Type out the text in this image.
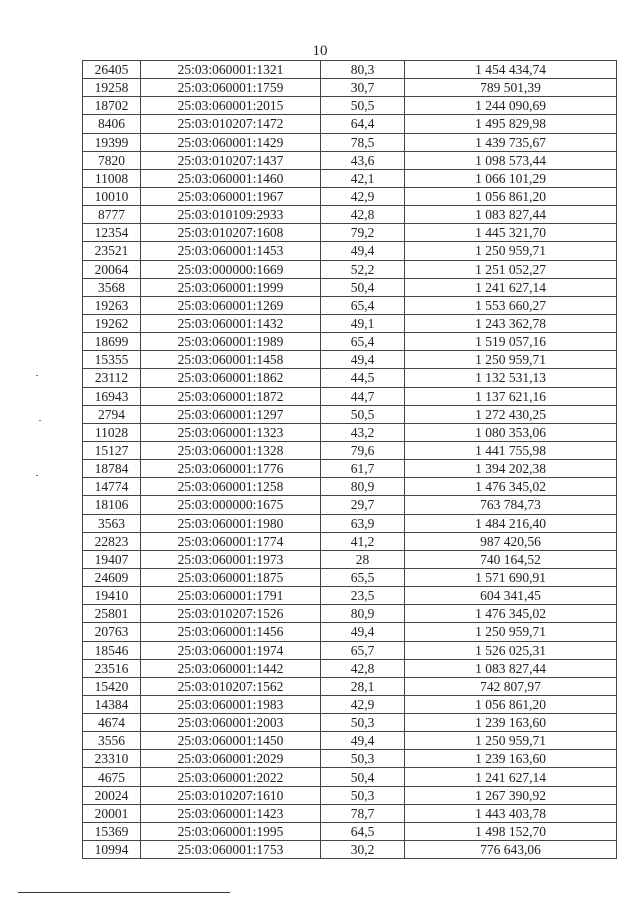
10
26405	25:03:060001:1321	80,3	1 454 434,74
19258	25:03:060001:1759	30,7	789 501,39
18702	25:03:060001:2015	50,5	1 244 090,69
8406	25:03:010207:1472	64,4	1 495 829,98
19399	25:03:060001:1429	78,5	1 439 735,67
7820	25:03:010207:1437	43,6	1 098 573,44
11008	25:03:060001:1460	42,1	1 066 101,29
10010	25:03:060001:1967	42,9	1 056 861,20
8777	25:03:010109:2933	42,8	1 083 827,44
12354	25:03:010207:1608	79,2	1 445 321,70
23521	25:03:060001:1453	49,4	1 250 959,71
20064	25:03:000000:1669	52,2	1 251 052,27
3568	25:03:060001:1999	50,4	1 241 627,14
19263	25:03:060001:1269	65,4	1 553 660,27
19262	25:03:060001:1432	49,1	1 243 362,78
18699	25:03:060001:1989	65,4	1 519 057,16
15355	25:03:060001:1458	49,4	1 250 959,71
23112	25:03:060001:1862	44,5	1 132 531,13
16943	25:03:060001:1872	44,7	1 137 621,16
2794	25:03:060001:1297	50,5	1 272 430,25
11028	25:03:060001:1323	43,2	1 080 353,06
15127	25:03:060001:1328	79,6	1 441 755,98
18784	25:03:060001:1776	61,7	1 394 202,38
14774	25:03:060001:1258	80,9	1 476 345,02
18106	25:03:000000:1675	29,7	763 784,73
3563	25:03:060001:1980	63,9	1 484 216,40
22823	25:03:060001:1774	41,2	987 420,56
19407	25:03:060001:1973	28	740 164,52
24609	25:03:060001:1875	65,5	1 571 690,91
19410	25:03:060001:1791	23,5	604 341,45
25801	25:03:010207:1526	80,9	1 476 345,02
20763	25:03:060001:1456	49,4	1 250 959,71
18546	25:03:060001:1974	65,7	1 526 025,31
23516	25:03:060001:1442	42,8	1 083 827,44
15420	25:03:010207:1562	28,1	742 807,97
14384	25:03:060001:1983	42,9	1 056 861,20
4674	25:03:060001:2003	50,3	1 239 163,60
3556	25:03:060001:1450	49,4	1 250 959,71
23310	25:03:060001:2029	50,3	1 239 163,60
4675	25:03:060001:2022	50,4	1 241 627,14
20024	25:03:010207:1610	50,3	1 267 390,92
20001	25:03:060001:1423	78,7	1 443 403,78
15369	25:03:060001:1995	64,5	1 498 152,70
10994	25:03:060001:1753	30,2	776 643,06
